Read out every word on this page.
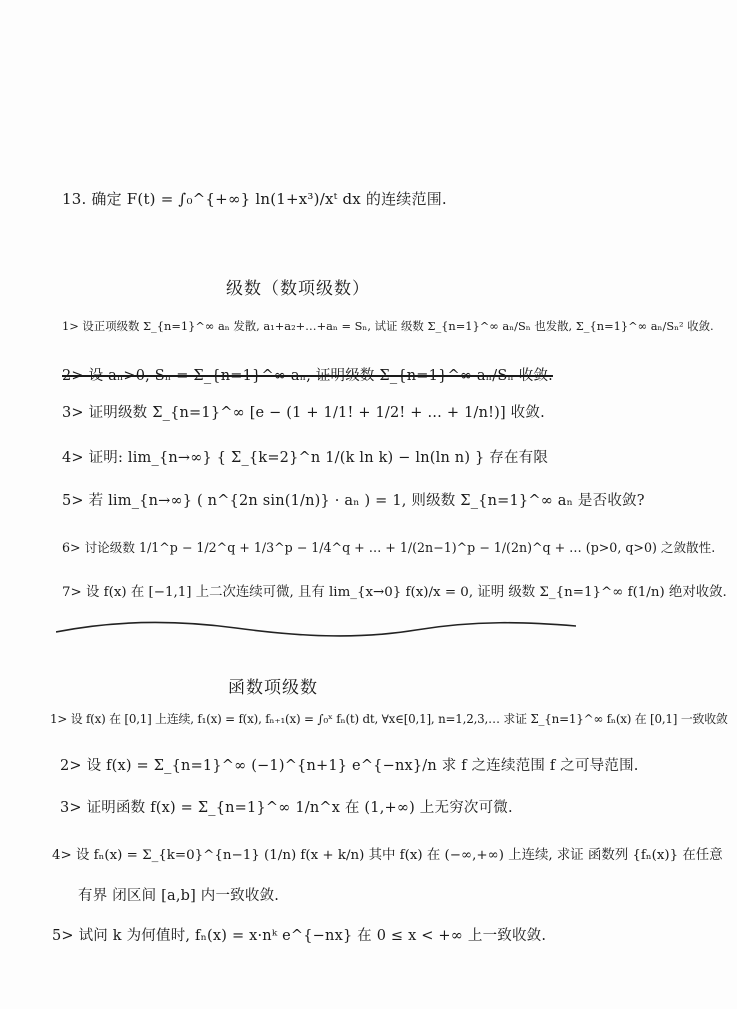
13. 确定 F(t) = ∫₀^{+∞} ln(1+x³)/xᵗ dx 的连续范围.
级数（数项级数）
1> 设正项级数 Σ_{n=1}^∞ aₙ 发散, a₁+a₂+…+aₙ = Sₙ, 试证 级数 Σ_{n=1}^∞ aₙ/Sₙ 也发散, Σ_{n=1}^∞ aₙ/Sₙ² 收敛.
2> 设 aₙ>0, Sₙ = Σ_{n=1}^∞ aₙ, 证明级数 Σ_{n=1}^∞ aₙ/Sₙ 收敛.
3> 证明级数 Σ_{n=1}^∞ [e − (1 + 1/1! + 1/2! + … + 1/n!)] 收敛.
4> 证明: lim_{n→∞} { Σ_{k=2}^n 1/(k ln k) − ln(ln n) } 存在有限
5> 若 lim_{n→∞} ( n^{2n sin(1/n)} · aₙ ) = 1, 则级数 Σ_{n=1}^∞ aₙ 是否收敛?
6> 讨论级数 1/1^p − 1/2^q + 1/3^p − 1/4^q + … + 1/(2n−1)^p − 1/(2n)^q + … (p>0, q>0) 之敛散性.
7> 设 f(x) 在 [−1,1] 上二次连续可微, 且有 lim_{x→0} f(x)/x = 0, 证明 级数 Σ_{n=1}^∞ f(1/n) 绝对收敛.
函数项级数
1> 设 f(x) 在 [0,1] 上连续, f₁(x) = f(x), fₙ₊₁(x) = ∫₀ˣ fₙ(t) dt, ∀x∈[0,1], n=1,2,3,… 求证 Σ_{n=1}^∞ fₙ(x) 在 [0,1] 一致收敛
2> 设 f(x) = Σ_{n=1}^∞ (−1)^{n+1} e^{−nx}/n 求 f 之连续范围 f 之可导范围.
3> 证明函数 f(x) = Σ_{n=1}^∞ 1/n^x 在 (1,+∞) 上无穷次可微.
4> 设 fₙ(x) = Σ_{k=0}^{n−1} (1/n) f(x + k/n) 其中 f(x) 在 (−∞,+∞) 上连续, 求证 函数列 {fₙ(x)} 在任意
有界 闭区间 [a,b] 内一致收敛.
5> 试问 k 为何值时, fₙ(x) = x·nᵏ e^{−nx} 在 0 ≤ x < +∞ 上一致收敛.
